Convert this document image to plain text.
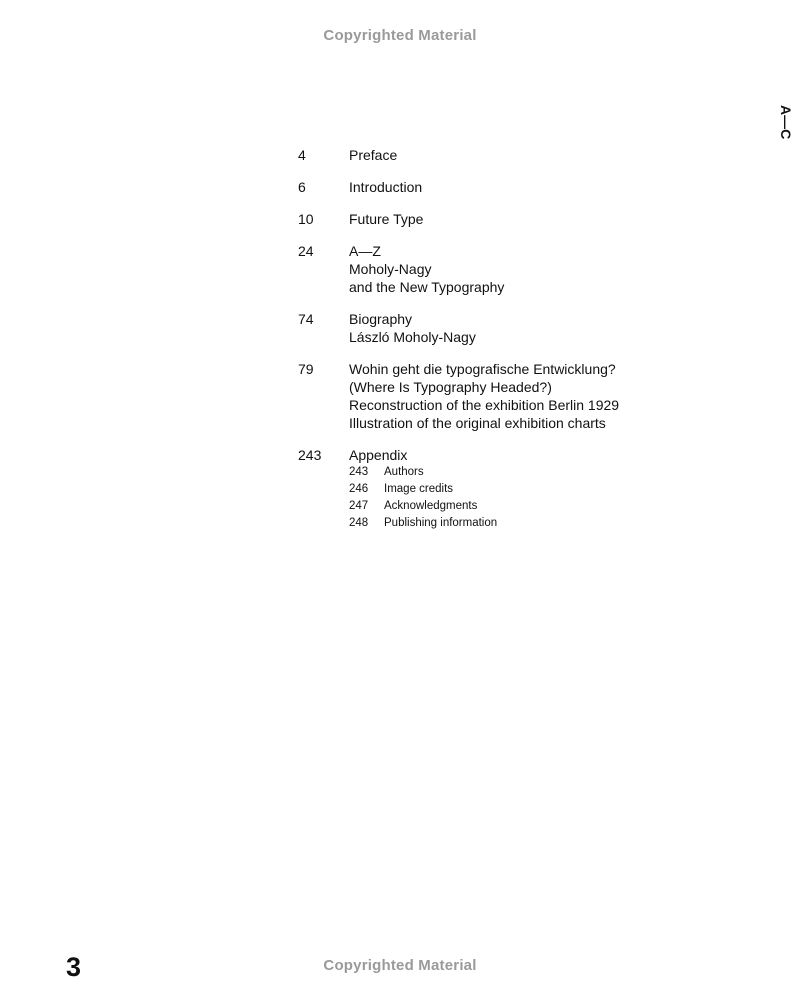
Copyrighted Material
A—C
4	Preface
6	Introduction
10	Future Type
24	A—Z
Moholy-Nagy
and the New Typography
74	Biography
László Moholy-Nagy
79	Wohin geht die typografische Entwicklung?
(Where Is Typography Headed?)
Reconstruction of the exhibition Berlin 1929
Illustration of the original exhibition charts
243	Appendix
243	Authors
246	Image credits
247	Acknowledgments
248	Publishing information
3	Copyrighted Material
